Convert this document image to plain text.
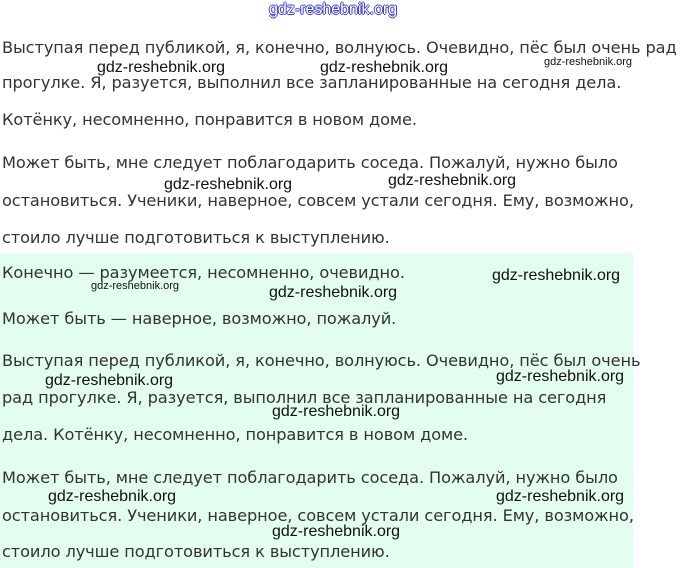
gdz-reshebnik.org

Выступая перед публикой, я, конечно, волнуюсь. Очевидно, пёс был очень рад

прогулке. Я, разуется, выполнил все запланированные на сегодня дела.

Котёнку, несомненно, понравится в новом доме.

Может быть, мне следует поблагодарить соседа. Пожалуй, нужно было

остановиться. Ученики, наверное, совсем устали сегодня. Ему, возможно,

стоило лучше подготовиться к выступлению.

Конечно — разумеется, несомненно, очевидно.

Может быть — наверное, возможно, пожалуй.

Выступая перед публикой, я, конечно, волнуюсь. Очевидно, пёс был очень

рад прогулке. Я, разуется, выполнил все запланированные на сегодня

дела. Котёнку, несомненно, понравится в новом доме.

Может быть, мне следует поблагодарить соседа. Пожалуй, нужно было

остановиться. Ученики, наверное, совсем устали сегодня. Ему, возможно,

стоило лучше подготовиться к выступлению.

gdz-reshebnik.org	gdz-reshebnik.org	gdz-reshebnik.org
gdz-reshebnik.org	gdz-reshebnik.org
gdz-reshebnik.org
gdz-reshebnik.org	gdz-reshebnik.org
gdz-reshebnik.org	gdz-reshebnik.org
gdz-reshebnik.org
gdz-reshebnik.org	gdz-reshebnik.org
gdz-reshebnik.org
